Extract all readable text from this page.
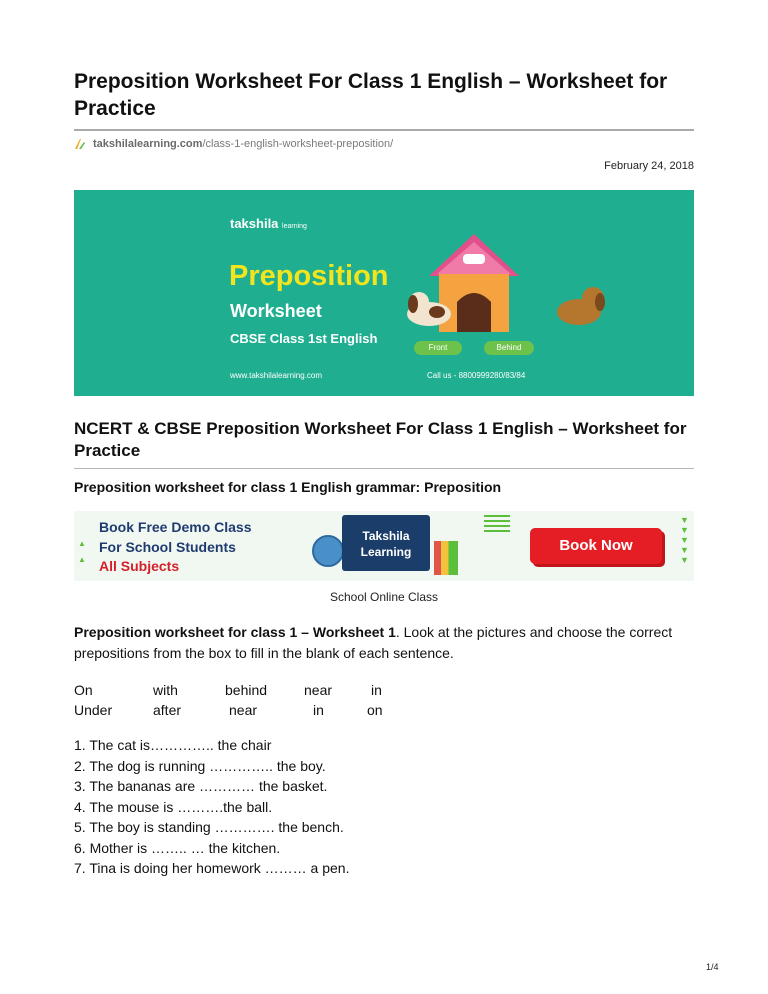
Preposition Worksheet For Class 1 English – Worksheet for Practice
takshilalearning.com /class-1-english-worksheet-preposition/
February 24, 2018
takshila learning
Preposition
Worksheet
CBSE Class 1st English
Front	Behind
www.takshilalearning.com	Call us - 8800999280/83/84
NCERT & CBSE Preposition Worksheet For Class 1 English – Worksheet for Practice
Preposition worksheet for class 1 English grammar: Preposition
▲
▲
Book Free Demo Class
For School Students
All Subjects
Takshila
Learning	Book Now
▼
▼
▼
▼
▼
School Online Class
Preposition worksheet for class 1 – Worksheet 1. Look at the pictures and choose the correct prepositions from the box to fill in the blank of each sentence.
On	with	behind	near	in
Under	after	near	in	on
1. The cat is………….. the chair
2. The dog is running ………….. the boy.
3. The bananas are ………… the basket.
4. The mouse is ……….the ball.
5. The boy is standing …………. the bench.
6. Mother is …….. … the kitchen.
7. Tina is doing her homework ……… a pen.
1/4
